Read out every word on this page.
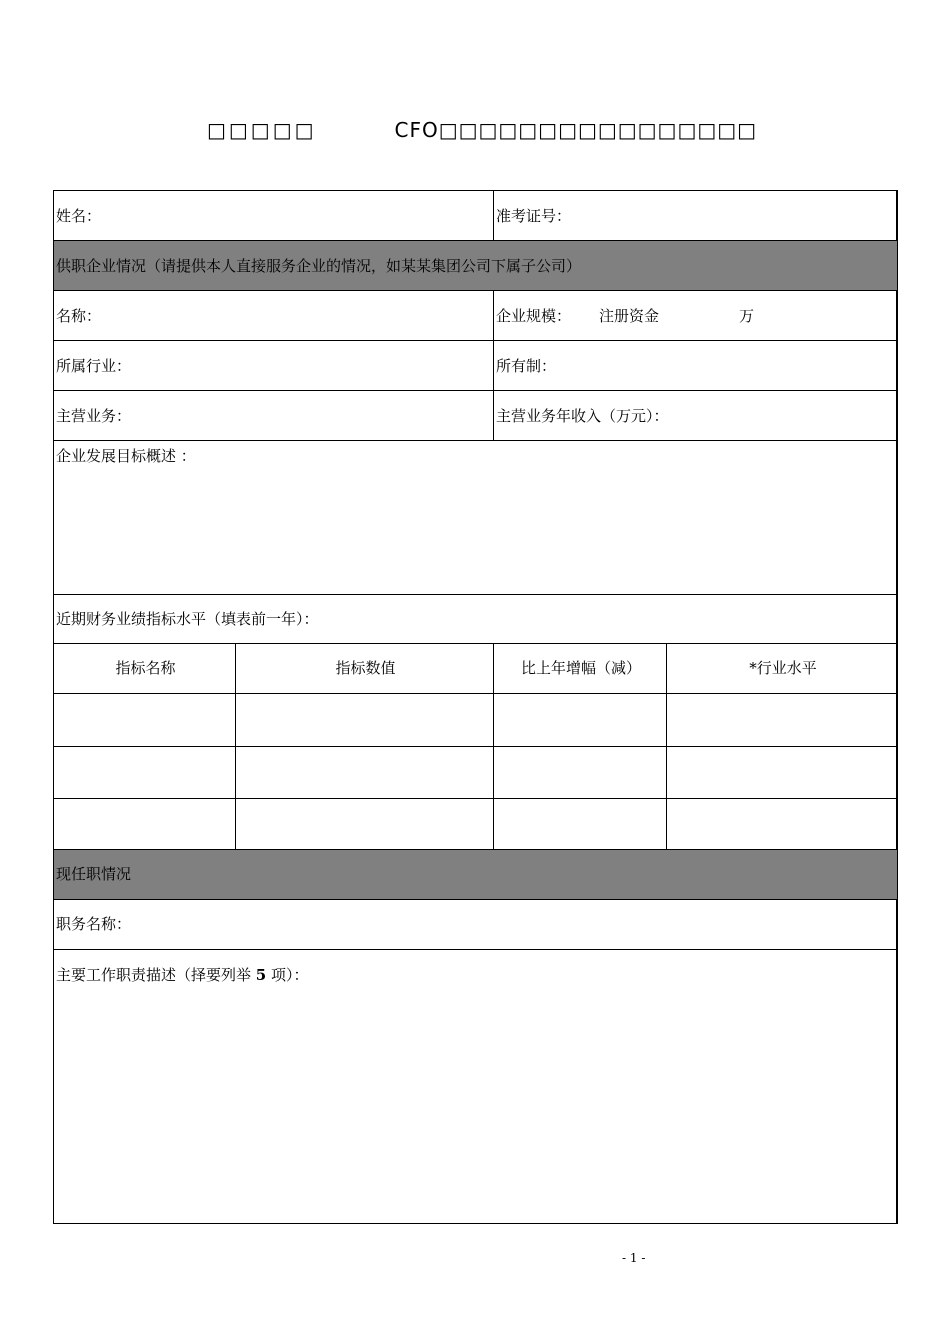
□□□□□	CFO□□□□□□□□□□□□□□□□
姓名：	准考证号：
供职企业情况（请提供本人直接服务企业的情况，如某某集团公司下属子公司）
名称：	企业规模： 注册资金	万
所属行业：	所有制：
主营业务：	主营业务年收入（万元）：
企业发展目标概述 ：
近期财务业绩指标水平（填表前一年）：
指标名称	指标数值	比上年增幅（减）	*行业水平
现任职情况
职务名称：
主要工作职责描述（择要列举 5 项）：
- 1 -
